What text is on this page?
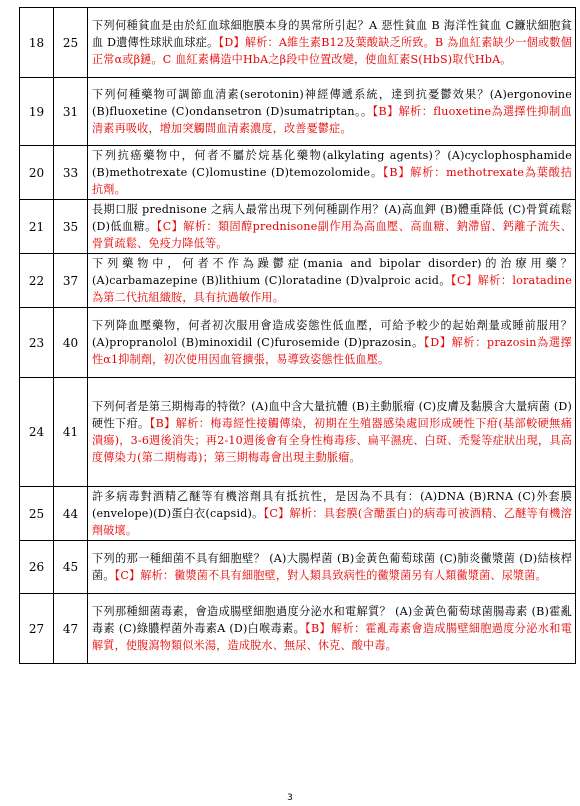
18	25	下列何種貧血是由於紅血球細胞膜本身的異常所引起？A 惡性貧血 B 海洋性貧血 C鐮狀細胞貧血 D遺傳性球狀血球症。【D】解析：A維生素B12及葉酸缺乏所致。B 為血紅素缺少一個或數個正常α或β鏈。C 血紅素構造中HbA之β段中位置改變，使血紅素S(HbS)取代HbA。
19	31	下列何種藥物可調節血清素(serotonin)神經傳遞系統，達到抗憂鬱效果？(A)ergonovine (B)fluoxetine (C)ondansetron (D)sumatriptan。。【B】解析：fluoxetine為選擇性抑制血清素再吸收，增加突觸間血清素濃度，改善憂鬱症。
20	33	下列抗癌藥物中，何者不屬於烷基化藥物(alkylating agents)？(A)cyclophosphamide (B)methotrexate (C)lomustine (D)temozolomide。【B】解析：methotrexate為葉酸拮抗劑。
21	35	長期口服 prednisone 之病人最常出現下列何種副作用？(A)高血鉀 (B)體重降低 (C)骨質疏鬆 (D)低血糖。【C】解析：類固醇prednisone副作用為高血壓、高血糖、鈉滯留、鈣離子流失、骨質疏鬆、免疫力降低等。
22	37	下列藥物中，何者不作為躁鬱症(mania and bipolar disorder)的治療用藥？(A)carbamazepine (B)lithium (C)loratadine (D)valproic acid。【C】解析：loratadine為第二代抗組織胺，具有抗過敏作用。
23	40	下列降血壓藥物，何者初次服用會造成姿態性低血壓，可給予較少的起始劑量或睡前服用？(A)propranolol (B)minoxidil (C)furosemide (D)prazosin。【D】解析：prazosin為選擇性α1抑制劑，初次使用因血管擴張，易導致姿態性低血壓。
24	41	下列何者是第三期梅毒的特徵？(A)血中含大量抗體 (B)主動脈瘤 (C)皮膚及黏膜含大量病菌 (D)硬性下疳。【B】解析：梅毒經性接觸傳染，初期在生殖器感染處回形成硬性下疳(基部較硬無痛潰瘍)，3-6週後消失；再2-10週後會有全身性梅毒疹、扁平濕疣、白斑、禿髮等症狀出現，具高度傳染力(第二期梅毒)；第三期梅毒會出現主動脈瘤。
25	44	許多病毒對酒精乙醚等有機溶劑具有抵抗性，是因為不具有：(A)DNA (B)RNA (C)外套膜(envelope)(D)蛋白衣(capsid)。【C】解析：具套膜(含醣蛋白)的病毒可被酒精、乙醚等有機溶劑破壞。
26	45	下列的那一種細菌不具有細胞壁？ (A)大腸桿菌 (B)金黃色葡萄球菌 (C)肺炎黴漿菌 (D)結核桿菌。【C】解析：黴漿菌不具有細胞壁，對人類具致病性的黴漿菌另有人類黴漿菌、尿漿菌。
27	47	下列那種細菌毒素，會造成腸壁細胞過度分泌水和電解質？ (A)金黃色葡萄球菌腸毒素 (B)霍亂毒素 (C)綠膿桿菌外毒素A (D)白喉毒素。【B】解析：霍亂毒素會造成腸壁細胞過度分泌水和電解質，使腹瀉物類似米湯，造成脫水、無尿、休克、酸中毒。
3
